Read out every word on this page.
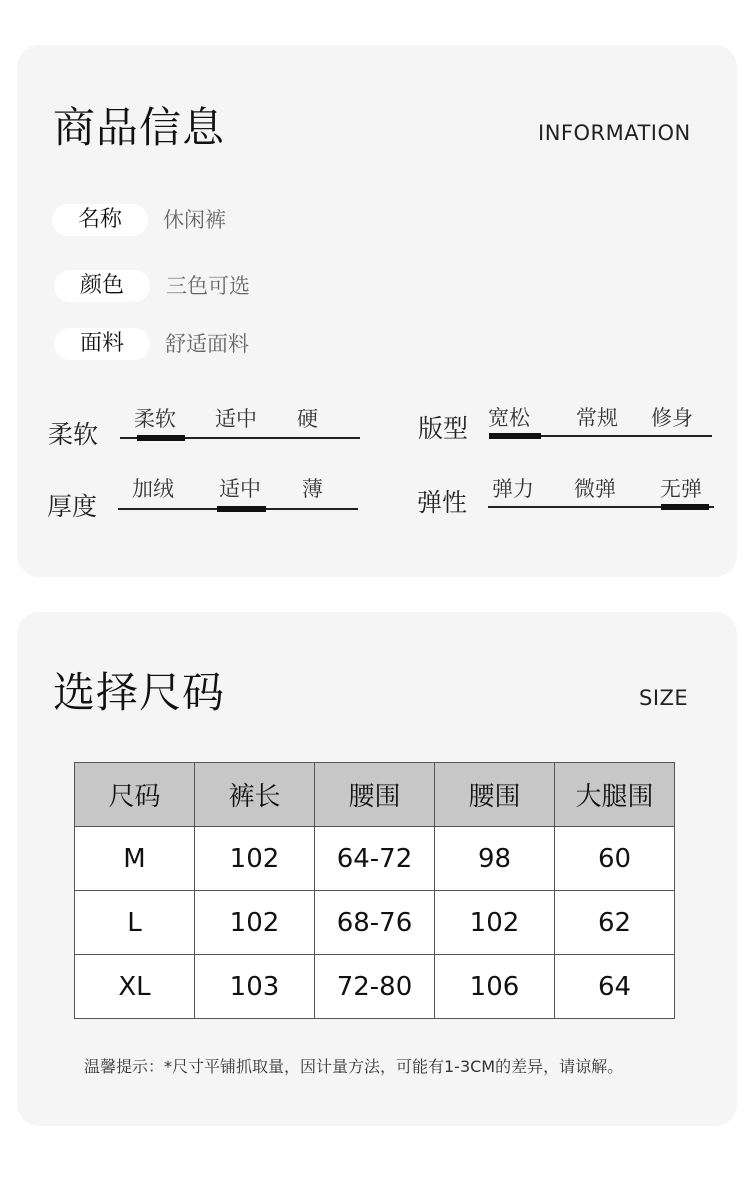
商品信息	INFORMATION
名称	休闲裤
颜色	三色可选
面料	舒适面料
柔软
柔软 适中 硬	版型 宽松 常规 修身
厚度
加绒 适中 薄	弹性 弹力 微弹 无弹
选择尺码	SIZE
尺码	裤长	腰围	腰围	大腿围
M	102	64-72	98	60
L	102	68-76	102	62
XL	103	72-80	106	64
温馨提示：*尺寸平铺抓取量，因计量方法，可能有1-3CM的差异，请谅解。
